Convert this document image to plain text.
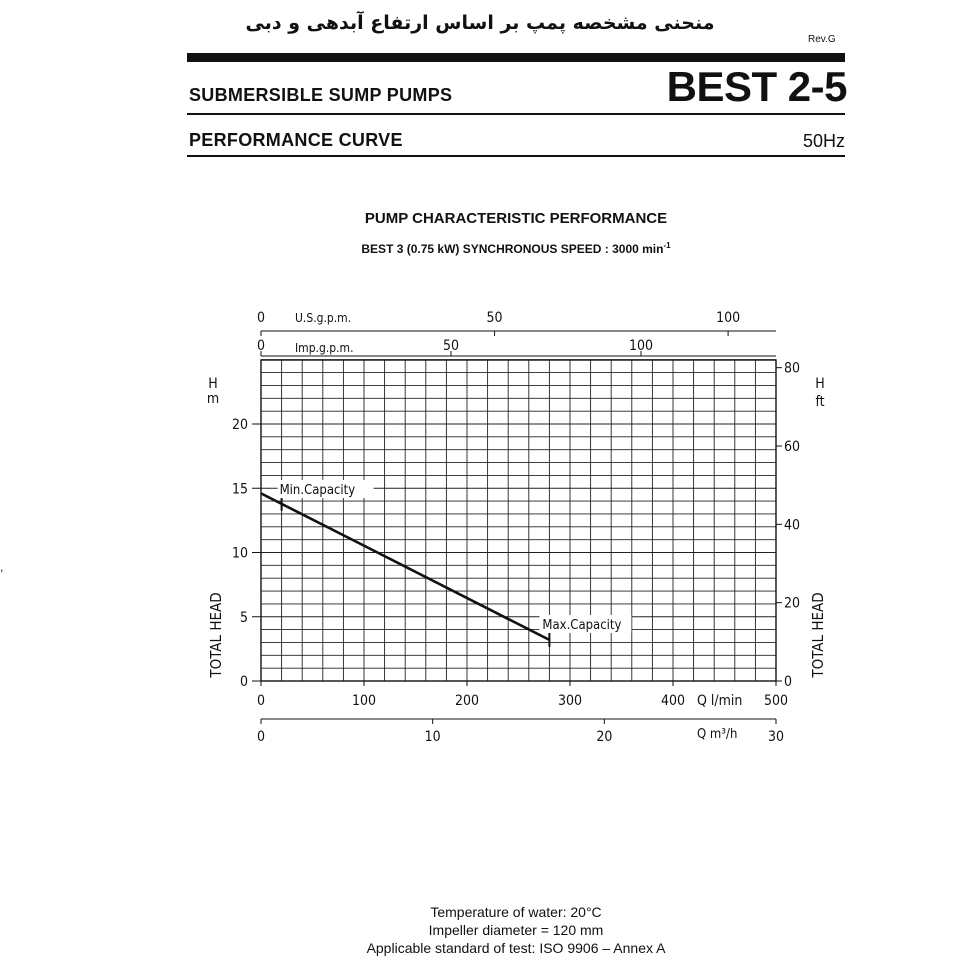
منحنی مشخصه پمپ بر اساس ارتفاع آبدهی و دبی
Rev.G
SUBMERSIBLE SUMP PUMPS	BEST 2-5
PERFORMANCE CURVE	50Hz
PUMP CHARACTERISTIC PERFORMANCE
BEST 3 (0.75 kW) SYNCHRONOUS SPEED : 3000 $\min^{-1}$
0	50	100
0	50	100
U.S.g.p.m.
Imp.g.p.m.
0
5
10
15
20
H
m
TOTAL HEAD
0
20
40
60
80
H
ft
TOTAL HEAD
0	100	200	300	400	500
Q l/min
0	10	20	30
Q m³/h
Min.Capacity
Max.Capacity
,
Temperature of water: 20°C
Impeller diameter = 120 mm
Applicable standard of test: ISO 9906 – Annex A
